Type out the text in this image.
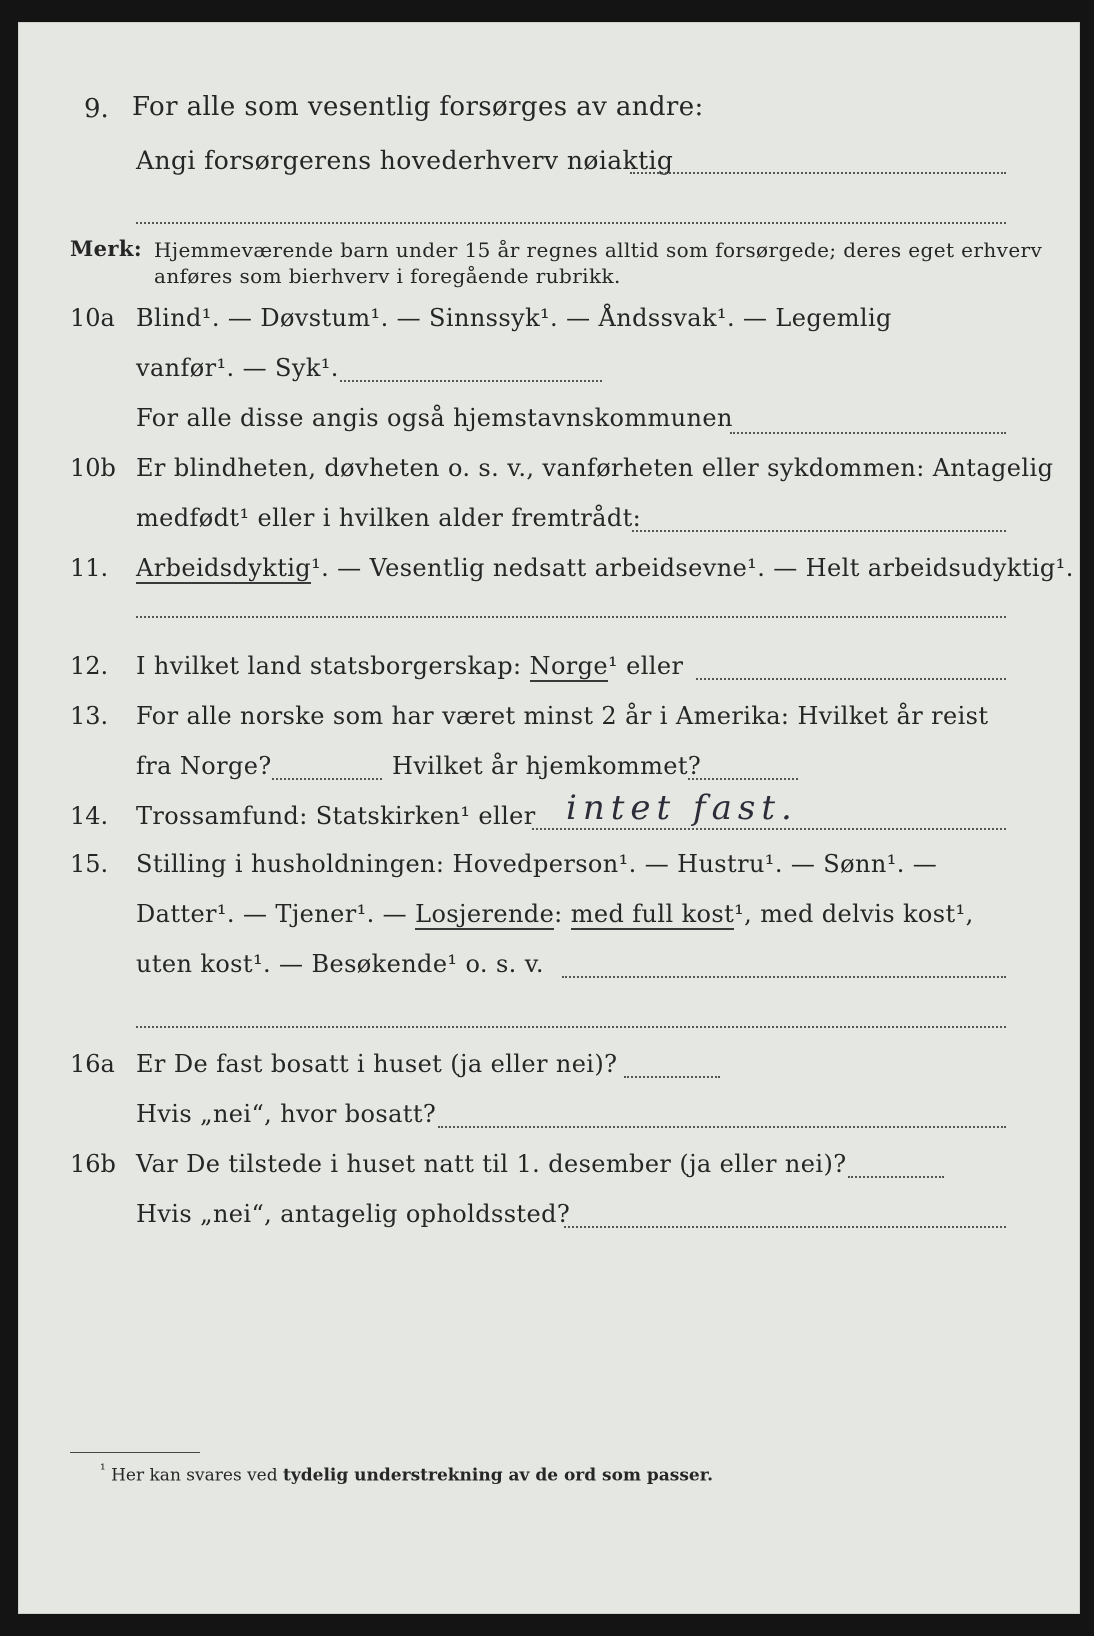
9. For alle som vesentlig forsørges av andre:
Angi forsørgerens hovederhverv nøiaktig
Merk: Hjemmeværende barn under 15 år regnes alltid som forsørgede; deres eget erhverv
anføres som bierhverv i foregående rubrikk.
10a Blind¹. — Døvstum¹. — Sinnssyk¹. — Åndssvak¹. — Legemlig
vanfør¹. — Syk¹.
For alle disse angis også hjemstavnskommunen
10b Er blindheten, døvheten o. s. v., vanførheten eller sykdommen: Antagelig
medfødt¹ eller i hvilken alder fremtrådt:
11. Arbeidsdyktig¹. — Vesentlig nedsatt arbeidsevne¹. — Helt arbeidsudyktig¹.
12. I hvilket land statsborgerskap: Norge¹ eller
13. For alle norske som har været minst 2 år i Amerika: Hvilket år reist
fra Norge?	Hvilket år hjemkommet?
14. Trossamfund: Statskirken¹ eller intet fast.
15. Stilling i husholdningen: Hovedperson¹. — Hustru¹. — Sønn¹. —
Datter¹. — Tjener¹. — Losjerende: med full kost¹, med delvis kost¹,
uten kost¹. — Besøkende¹ o. s. v.
16a Er De fast bosatt i huset (ja eller nei)?
Hvis „nei“, hvor bosatt?
16b Var De tilstede i huset natt til 1. desember (ja eller nei)?
Hvis „nei“, antagelig opholdssted?
$^{^1}$ Her kan svares ved tydelig understrekning av de ord som passer.
